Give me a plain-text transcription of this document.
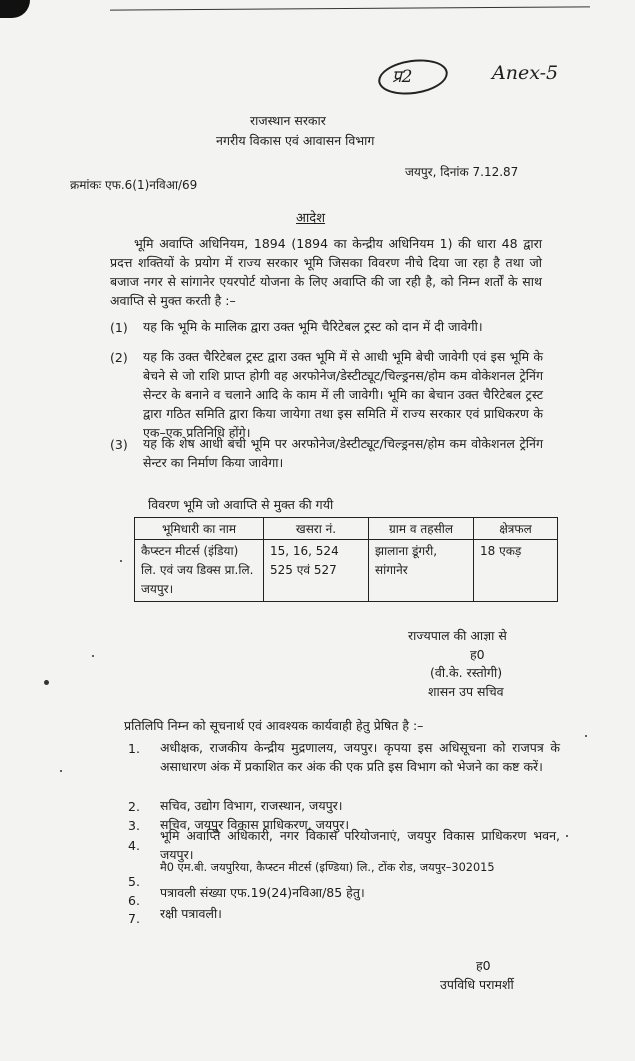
प्र2	Anex-5
राजस्थान सरकार
नगरीय विकास एवं आवासन विभाग
क्रमांकः एफ.6(1)नविआ/69
जयपुर, दिनांक 7.12.87
आदेश
भूमि अवाप्ति अधिनियम, 1894 (1894 का केन्द्रीय अधिनियम 1) की धारा 48 द्वारा प्रदत्त शक्तियों के प्रयोग में राज्य सरकार भूमि जिसका विवरण नीचे दिया जा रहा है तथा जो बजाज नगर से सांगानेर एयरपोर्ट योजना के लिए अवाप्ति की जा रही है, को निम्न शर्तों के साथ अवाप्ति से मुक्त करती है :–
(1) यह कि भूमि के मालिक द्वारा उक्त भूमि चैरिटेबल ट्रस्ट को दान में दी जावेगी।
(2) यह कि उक्त चैरिटेबल ट्रस्ट द्वारा उक्त भूमि में से आधी भूमि बेची जावेगी एवं इस भूमि के बेचने से जो राशि प्राप्त होगी वह अरफोनेज/डेस्टीट्यूट/चिल्ड्रनस/होम कम वोकेशनल ट्रेनिंग सेन्टर के बनाने व चलाने आदि के काम में ली जावेगी। भूमि का बेचान उक्त चैरिटेबल ट्रस्ट द्वारा गठित समिति द्वारा किया जायेगा तथा इस समिति में राज्य सरकार एवं प्राधिकरण के एक–एक प्रतिनिधि होंगे।
(3) यह कि शेष आधी बची भूमि पर अरफोनेज/डेस्टीट्यूट/चिल्ड्रनस/होम कम वोकेशनल ट्रेनिंग सेन्टर का निर्माण किया जावेगा।
विवरण भूमि जो अवाप्ति से मुक्त की गयी
भूमिधारी का नाम	खसरा नं.	ग्राम व तहसील	क्षेत्रफल
कैप्स्टन मीटर्स (इंडिया) लि. एवं जय डिक्स प्रा.लि. जयपुर।	15, 16, 524 525 एवं 527	झालाना डूंगरी, सांगानेर	18 एकड़
राज्यपाल की आज्ञा से
ह0
(वी.के. रस्तोगी)
शासन उप सचिव
प्रतिलिपि निम्न को सूचनार्थ एवं आवश्यक कार्यवाही हेतु प्रेषित है :–
1. अधीक्षक, राजकीय केन्द्रीय मुद्रणालय, जयपुर। कृपया इस अधिसूचना को राजपत्र के असाधारण अंक में प्रकाशित कर अंक की एक प्रति इस विभाग को भेजने का कष्ट करें।
2. सचिव, उद्योग विभाग, राजस्थान, जयपुर।
3. सचिव, जयपुर विकास प्राधिकरण, जयपुर।
4.
भूमि अवाप्ति अधिकारी, नगर विकास परियोजनाएं, जयपुर विकास प्राधिकरण भवन, जयपुर।
5.
मै0 एम.बी. जयपुरिया, कैप्स्टन मीटर्स (इण्डिया) लि., टोंक रोड, जयपुर–302015
6.
पत्रावली संख्या एफ.19(24)नविआ/85 हेतु।
7. रक्षी पत्रावली।
ह0
उपविधि परामर्शी
